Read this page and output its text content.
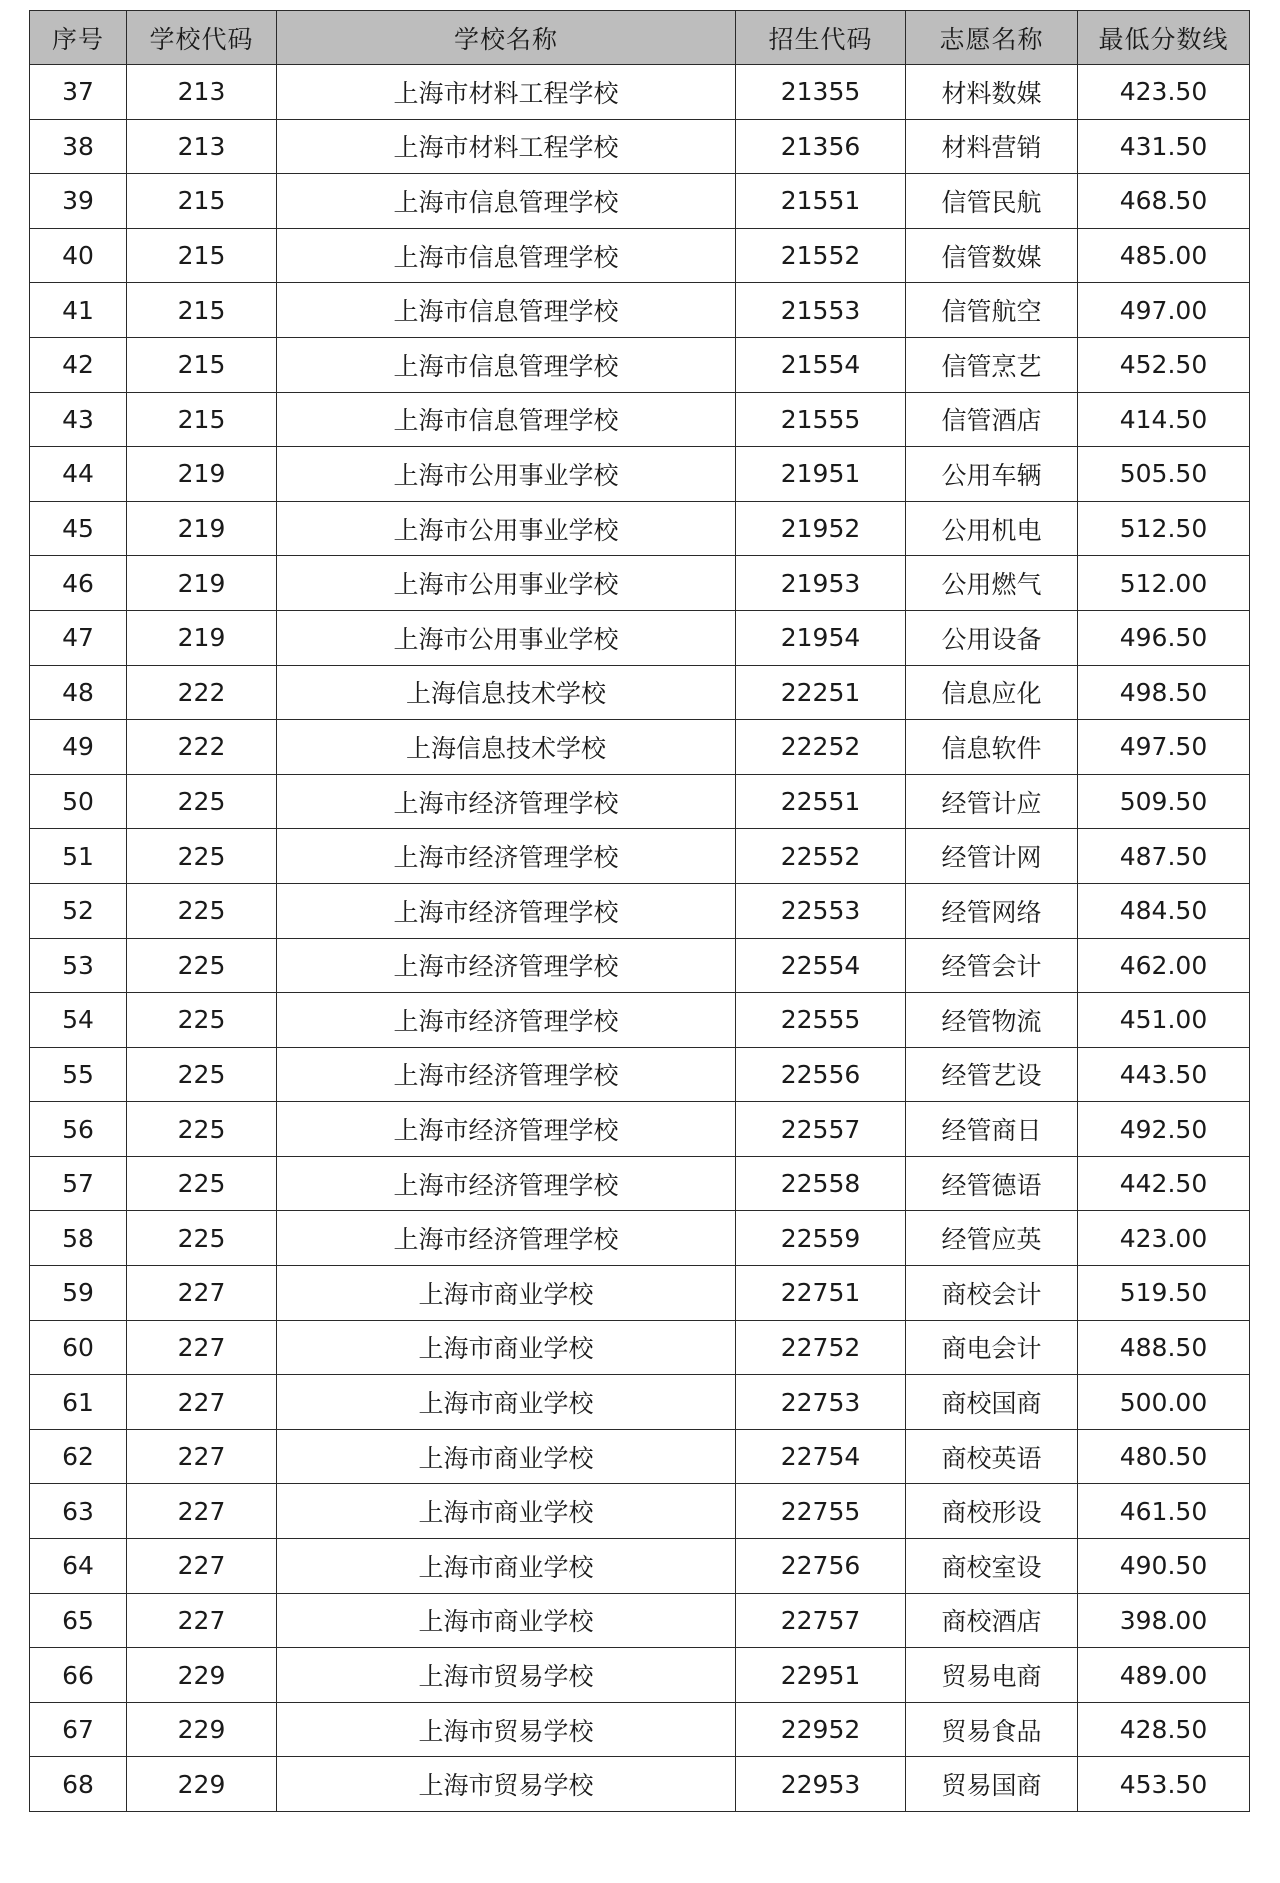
序号	学校代码	学校名称	招生代码	志愿名称	最低分数线
37	213	上海市材料工程学校	21355	材料数媒	423.50
38	213	上海市材料工程学校	21356	材料营销	431.50
39	215	上海市信息管理学校	21551	信管民航	468.50
40	215	上海市信息管理学校	21552	信管数媒	485.00
41	215	上海市信息管理学校	21553	信管航空	497.00
42	215	上海市信息管理学校	21554	信管烹艺	452.50
43	215	上海市信息管理学校	21555	信管酒店	414.50
44	219	上海市公用事业学校	21951	公用车辆	505.50
45	219	上海市公用事业学校	21952	公用机电	512.50
46	219	上海市公用事业学校	21953	公用燃气	512.00
47	219	上海市公用事业学校	21954	公用设备	496.50
48	222	上海信息技术学校	22251	信息应化	498.50
49	222	上海信息技术学校	22252	信息软件	497.50
50	225	上海市经济管理学校	22551	经管计应	509.50
51	225	上海市经济管理学校	22552	经管计网	487.50
52	225	上海市经济管理学校	22553	经管网络	484.50
53	225	上海市经济管理学校	22554	经管会计	462.00
54	225	上海市经济管理学校	22555	经管物流	451.00
55	225	上海市经济管理学校	22556	经管艺设	443.50
56	225	上海市经济管理学校	22557	经管商日	492.50
57	225	上海市经济管理学校	22558	经管德语	442.50
58	225	上海市经济管理学校	22559	经管应英	423.00
59	227	上海市商业学校	22751	商校会计	519.50
60	227	上海市商业学校	22752	商电会计	488.50
61	227	上海市商业学校	22753	商校国商	500.00
62	227	上海市商业学校	22754	商校英语	480.50
63	227	上海市商业学校	22755	商校形设	461.50
64	227	上海市商业学校	22756	商校室设	490.50
65	227	上海市商业学校	22757	商校酒店	398.00
66	229	上海市贸易学校	22951	贸易电商	489.00
67	229	上海市贸易学校	22952	贸易食品	428.50
68	229	上海市贸易学校	22953	贸易国商	453.50
